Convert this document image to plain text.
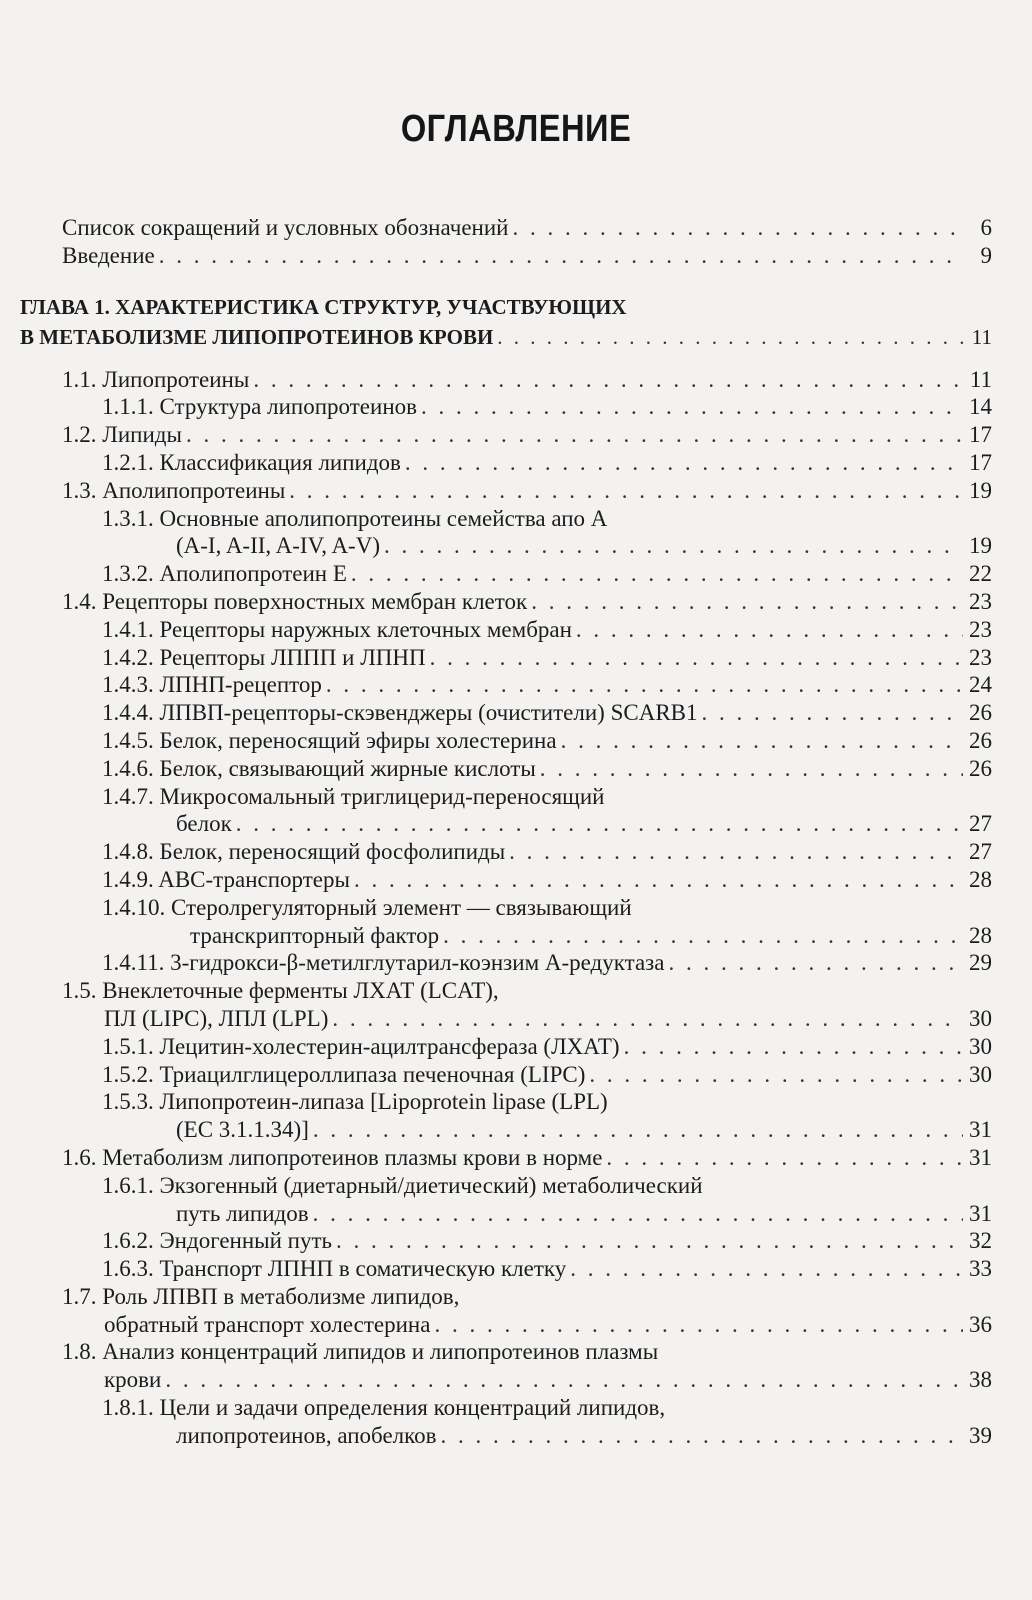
ОГЛАВЛЕНИЕ
Список сокращений и условных обозначений . . .	6
Введение . . .	9
ГЛАВА 1. ХАРАКТЕРИСТИКА СТРУКТУР, УЧАСТВУЮЩИХ
В МЕТАБОЛИЗМЕ ЛИПОПРОТЕИНОВ КРОВИ . . .	11
1.1. Липопротеины . . .	11
1.1.1. Структура липопротеинов . . .	14
1.2. Липиды . . .	17
1.2.1. Классификация липидов . . .	17
1.3. Аполипопротеины . . .	19
1.3.1. Основные аполипопротеины семейства апо А
(A-I, A-II, A-IV, A-V) . . .	19
1.3.2. Аполипопротеин Е . . .	22
1.4. Рецепторы поверхностных мембран клеток . . .	23
1.4.1. Рецепторы наружных клеточных мембран . . .	23
1.4.2. Рецепторы ЛППП и ЛПНП . . .	23
1.4.3. ЛПНП-рецептор . . .	24
1.4.4. ЛПВП-рецепторы-скэвенджеры (очистители) SCARB1 . . .	26
1.4.5. Белок, переносящий эфиры холестерина . . .	26
1.4.6. Белок, связывающий жирные кислоты . . .	26
1.4.7. Микросомальный триглицерид-переносящий
белок . . .	27
1.4.8. Белок, переносящий фосфолипиды . . .	27
1.4.9. ABC-транспортеры . . .	28
1.4.10. Стеролрегуляторный элемент — связывающий
транскрипторный фактор . . .	28
1.4.11. 3-гидрокси-β-метилглутарил-коэнзим А-редуктаза . . .	29
1.5. Внеклеточные ферменты ЛХАТ (LCAT),
ПЛ (LIPC), ЛПЛ (LPL) . . .	30
1.5.1. Лецитин-холестерин-ацилтрансфераза (ЛХАТ) . . .	30
1.5.2. Триацилглицероллипаза печеночная (LIPC) . . .	30
1.5.3. Липопротеин-липаза [Lipoprotein lipase (LPL)
(EC 3.1.1.34)] . . .	31
1.6. Метаболизм липопротеинов плазмы крови в норме . . .	31
1.6.1. Экзогенный (диетарный/диетический) метаболический
путь липидов . . .	31
1.6.2. Эндогенный путь . . .	32
1.6.3. Транспорт ЛПНП в соматическую клетку . . .	33
1.7. Роль ЛПВП в метаболизме липидов,
обратный транспорт холестерина . . .	36
1.8. Анализ концентраций липидов и липопротеинов плазмы
крови . . .	38
1.8.1. Цели и задачи определения концентраций липидов,
липопротеинов, апобелков . . .	39
